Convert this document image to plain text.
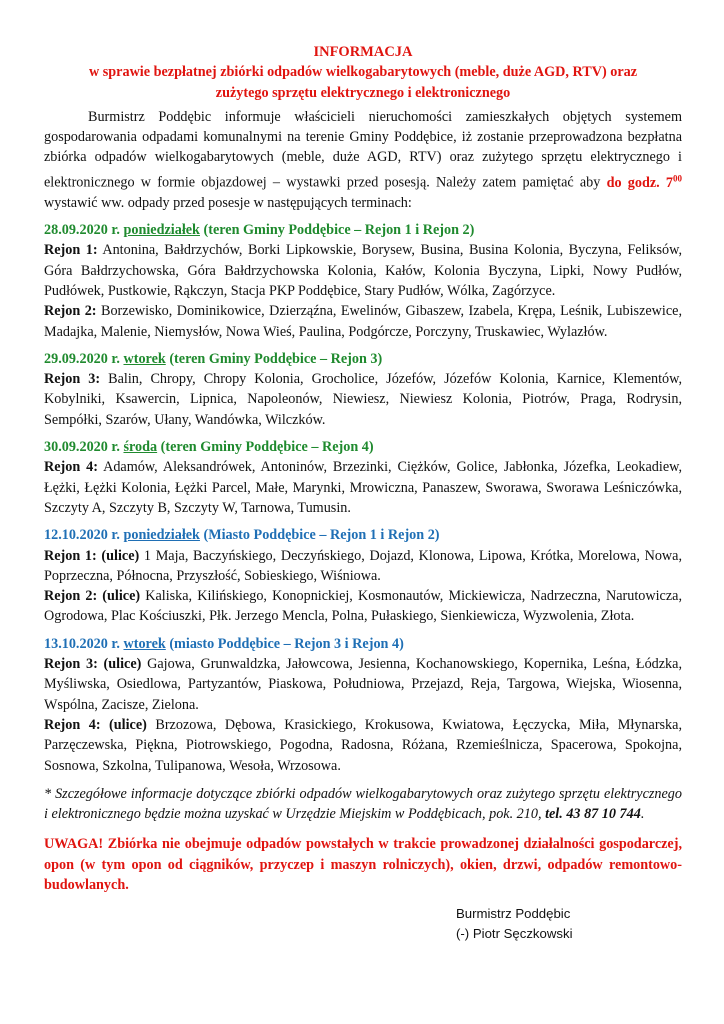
INFORMACJA
w sprawie bezpłatnej zbiórki odpadów wielkogabarytowych (meble, duże AGD, RTV) oraz
zużytego sprzętu elektrycznego i elektronicznego
Burmistrz Poddębic informuje właścicieli nieruchomości zamieszkałych objętych systemem gospodarowania odpadami komunalnymi na terenie Gminy Poddębice, iż zostanie przeprowadzona bezpłatna zbiórka odpadów wielkogabarytowych (meble, duże AGD, RTV) oraz zużytego sprzętu elektrycznego i elektronicznego w formie objazdowej – wystawki przed posesją. Należy zatem pamiętać aby do godz. $7^{00}$ wystawić ww. odpady przed posesje w następujących terminach:
28.09.2020 r. poniedziałek (teren Gminy Poddębice – Rejon 1 i Rejon 2)
Rejon 1: Antonina, Bałdrzychów, Borki Lipkowskie, Borysew, Busina, Busina Kolonia, Byczyna, Feliksów, Góra Bałdrzychowska, Góra Bałdrzychowska Kolonia, Kałów, Kolonia Byczyna, Lipki, Nowy Pudłów, Pudłówek, Pustkowie, Rąkczyn, Stacja PKP Poddębice, Stary Pudłów, Wólka, Zagórzyce.
Rejon 2: Borzewisko, Dominikowice, Dzierząźna, Ewelinów, Gibaszew, Izabela, Krępa, Leśnik, Lubiszewice, Madajka, Malenie, Niemysłów, Nowa Wieś, Paulina, Podgórcze, Porczyny, Truskawiec, Wylazłów.
29.09.2020 r. wtorek (teren Gminy Poddębice – Rejon 3)
Rejon 3: Balin, Chropy, Chropy Kolonia, Grocholice, Józefów, Józefów Kolonia, Karnice, Klementów, Kobylniki, Ksawercin, Lipnica, Napoleonów, Niewiesz, Niewiesz Kolonia, Piotrów, Praga, Rodrysin, Sempółki, Szarów, Ułany, Wandówka, Wilczków.
30.09.2020 r. środa (teren Gminy Poddębice – Rejon 4)
Rejon 4: Adamów, Aleksandrówek, Antoninów, Brzezinki, Ciężków, Golice, Jabłonka, Józefka, Leokadiew, Łężki, Łężki Kolonia, Łężki Parcel, Małe, Marynki, Mrowiczna, Panaszew, Sworawa, Sworawa Leśniczówka, Szczyty A, Szczyty B, Szczyty W, Tarnowa, Tumusin.
12.10.2020 r. poniedziałek (Miasto Poddębice – Rejon 1 i Rejon 2)
Rejon 1: (ulice) 1 Maja, Baczyńskiego, Deczyńskiego, Dojazd, Klonowa, Lipowa, Krótka, Morelowa, Nowa, Poprzeczna, Północna, Przyszłość, Sobieskiego, Wiśniowa.
Rejon 2: (ulice) Kaliska, Kilińskiego, Konopnickiej, Kosmonautów, Mickiewicza, Nadrzeczna, Narutowicza, Ogrodowa, Plac Kościuszki, Płk. Jerzego Mencla, Polna, Pułaskiego, Sienkiewicza, Wyzwolenia, Złota.
13.10.2020 r. wtorek (miasto Poddębice – Rejon 3 i Rejon 4)
Rejon 3: (ulice) Gajowa, Grunwaldzka, Jałowcowa, Jesienna, Kochanowskiego, Kopernika, Leśna, Łódzka, Myśliwska, Osiedlowa, Partyzantów, Piaskowa, Południowa, Przejazd, Reja, Targowa, Wiejska, Wiosenna, Wspólna, Zacisze, Zielona.
Rejon 4: (ulice) Brzozowa, Dębowa, Krasickiego, Krokusowa, Kwiatowa, Łęczycka, Miła, Młynarska, Parzęczewska, Piękna, Piotrowskiego, Pogodna, Radosna, Różana, Rzemieślnicza, Spacerowa, Spokojna, Sosnowa, Szkolna, Tulipanowa, Wesoła, Wrzosowa.
* Szczegółowe informacje dotyczące zbiórki odpadów wielkogabarytowych oraz zużytego sprzętu elektrycznego i elektronicznego będzie można uzyskać w Urzędzie Miejskim w Poddębicach, pok. 210, tel. 43 87 10 744.
UWAGA! Zbiórka nie obejmuje odpadów powstałych w trakcie prowadzonej działalności gospodarczej, opon (w tym opon od ciągników, przyczep i maszyn rolniczych), okien, drzwi, odpadów remontowo-budowlanych.
Burmistrz Poddębic
(-) Piotr Sęczkowski
